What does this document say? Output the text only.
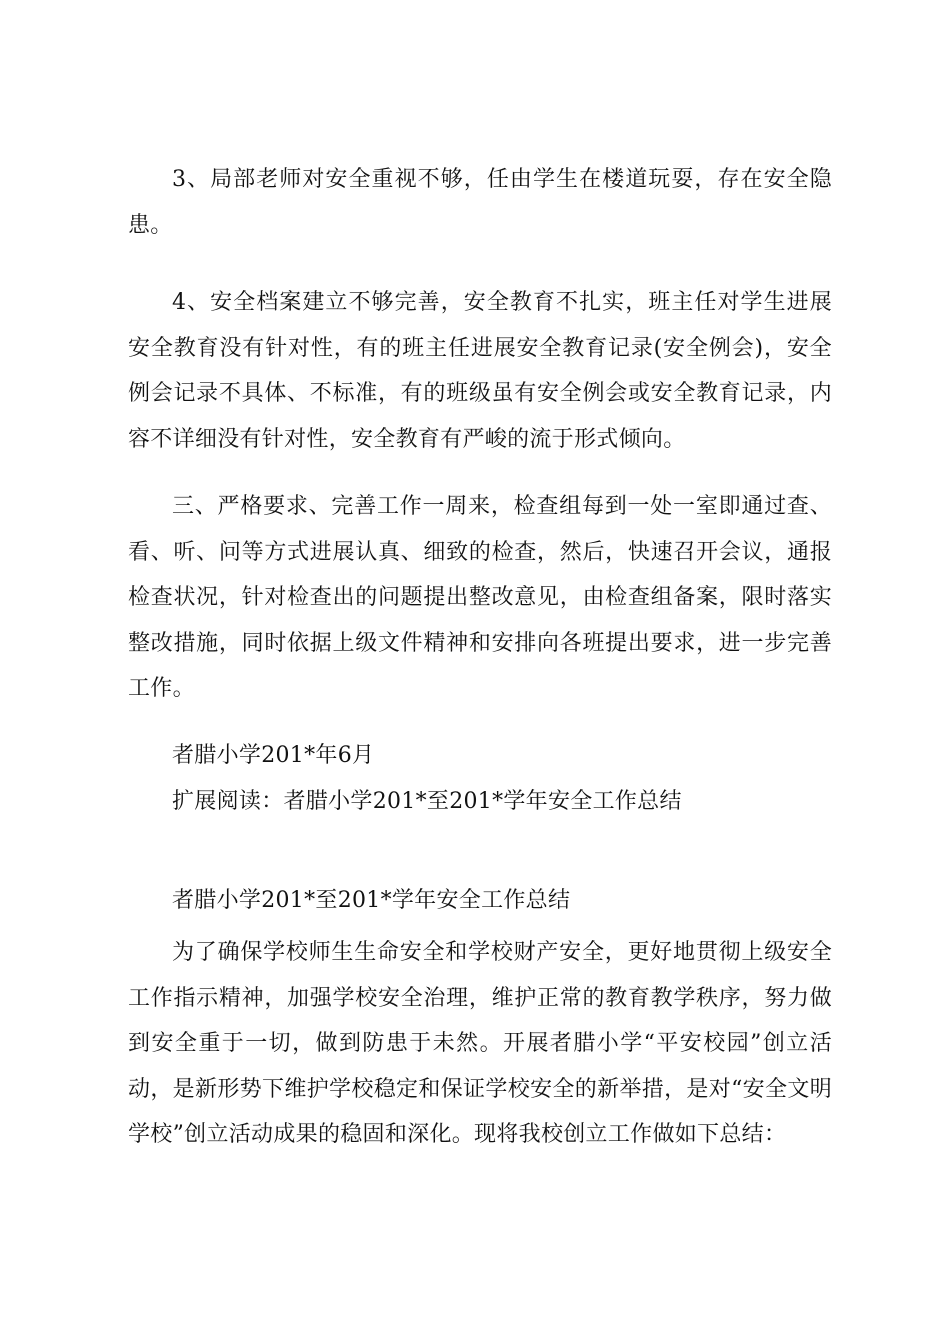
3、局部老师对安全重视不够，任由学生在楼道玩耍，存在安全隐患。

4、安全档案建立不够完善，安全教育不扎实，班主任对学生进展安全教育没有针对性，有的班主任进展安全教育记录(安全例会)，安全例会记录不具体、不标准，有的班级虽有安全例会或安全教育记录，内容不详细没有针对性，安全教育有严峻的流于形式倾向。

三、严格要求、完善工作一周来，检查组每到一处一室即通过查、看、听、问等方式进展认真、细致的检查，然后，快速召开会议，通报检查状况，针对检查出的问题提出整改意见，由检查组备案，限时落实整改措施，同时依据上级文件精神和安排向各班提出要求，进一步完善工作。

者腊小学201*年6月

扩展阅读：者腊小学201*至201*学年安全工作总结

者腊小学201*至201*学年安全工作总结

为了确保学校师生生命安全和学校财产安全，更好地贯彻上级安全工作指示精神，加强学校安全治理，维护正常的教育教学秩序，努力做到安全重于一切，做到防患于未然。开展者腊小学“平安校园”创立活动，是新形势下维护学校稳定和保证学校安全的新举措，是对“安全文明学校”创立活动成果的稳固和深化。现将我校创立工作做如下总结：
